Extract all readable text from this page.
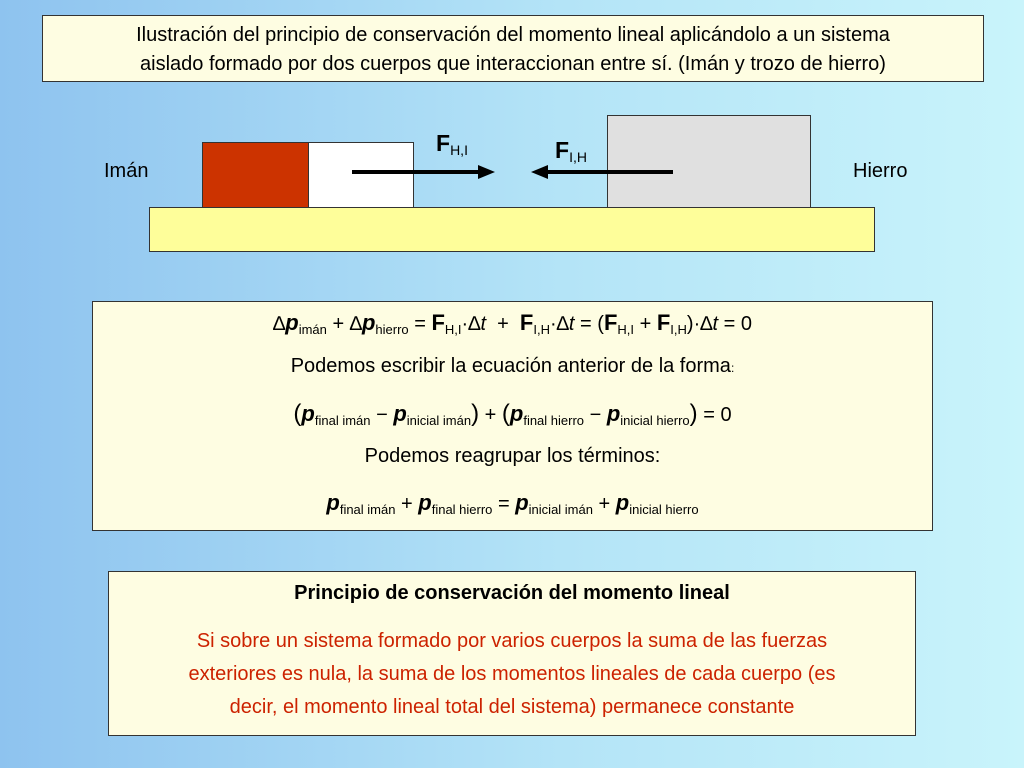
Ilustración del principio de conservación del momento lineal aplicándolo a un sistema
aislado formado por dos cuerpos que interaccionan entre sí. (Imán y trozo de hierro)
Imán	Hierro
$F_{H,I}$	$F_{I,H}$
$\Delta p_{imán} + \Delta p_{hierro} = F_{H,I}\cdot\Delta t + F_{I,H}\cdot\Delta t = (F_{H,I} + F_{I,H})\cdot\Delta t = 0$
Podemos escribir la ecuación anterior de la forma:
$(p_{final imán} - p_{inicial imán}) + (p_{final hierro} - p_{inicial hierro}) = 0$
Podemos reagrupar los términos:
$p_{final imán} + p_{final hierro} = p_{inicial imán} + p_{inicial hierro}$
Principio de conservación del momento lineal
Si sobre un sistema formado por varios cuerpos la suma de las fuerzas
exteriores es nula, la suma de los momentos lineales de cada cuerpo (es
decir, el momento lineal total del sistema) permanece constante
